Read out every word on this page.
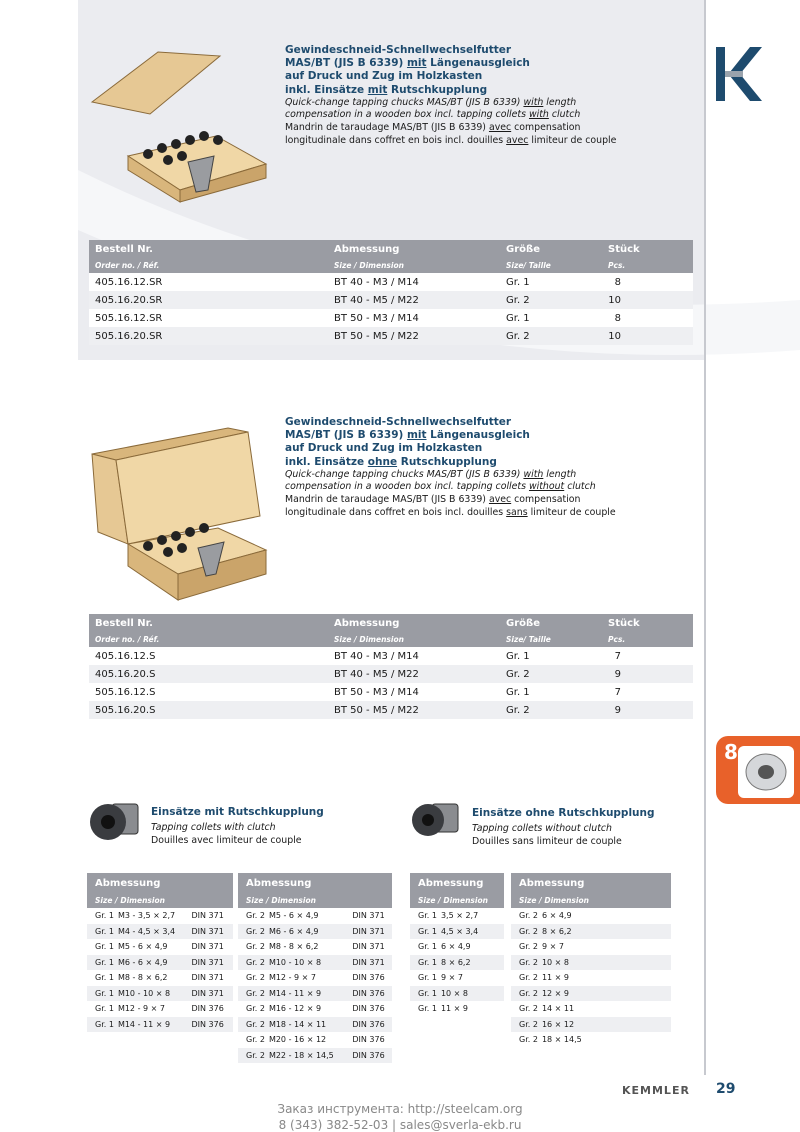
8
Gewindeschneid-Schnellwechselfutter
MAS/BT (JIS B 6339) mit Längenausgleich
auf Druck und Zug im Holzkasten
inkl. Einsätze mit Rutschkupplung
Quick-change tapping chucks MAS/BT (JIS B 6339) with length
compensation in a wooden box incl. tapping collets with clutch
Mandrin de taraudage MAS/BT (JIS B 6339) avec compensation
longitudinale dans coffret en bois incl. douilles avec limiteur de couple
Bestell Nr.	Abmessung	Größe	Stück
Order no. / Réf.	Size / Dimension	Size/ Taille	Pcs.
405.16.12.SR	BT 40 - M3 / M14	Gr. 1	8
405.16.20.SR	BT 40 - M5 / M22	Gr. 2	10
505.16.12.SR	BT 50 - M3 / M14	Gr. 1	8
505.16.20.SR	BT 50 - M5 / M22	Gr. 2	10
Gewindeschneid-Schnellwechselfutter
MAS/BT (JIS B 6339) mit Längenausgleich
auf Druck und Zug im Holzkasten
inkl. Einsätze ohne Rutschkupplung
Quick-change tapping chucks MAS/BT (JIS B 6339) with length
compensation in a wooden box incl. tapping collets without clutch
Mandrin de taraudage MAS/BT (JIS B 6339) avec compensation
longitudinale dans coffret en bois incl. douilles sans limiteur de couple
Bestell Nr.	Abmessung	Größe	Stück
Order no. / Réf.	Size / Dimension	Size/ Taille	Pcs.
405.16.12.S	BT 40 - M3 / M14	Gr. 1	7
405.16.20.S	BT 40 - M5 / M22	Gr. 2	9
505.16.12.S	BT 50 - M3 / M14	Gr. 1	7
505.16.20.S	BT 50 - M5 / M22	Gr. 2	9
Einsätze mit Rutschkupplung
Tapping collets with clutch
Douilles avec limiteur de couple
Einsätze ohne Rutschkupplung
Tapping collets without clutch
Douilles sans limiteur de couple
Abmessung		
Size / Dimension		
Gr. 1	M3 - 3,5 × 2,7	DIN 371
Gr. 1	M4 - 4,5 × 3,4	DIN 371
Gr. 1	M5 - 6 × 4,9	DIN 371
Gr. 1	M6 - 6 × 4,9	DIN 371
Gr. 1	M8 - 8 × 6,2	DIN 371
Gr. 1	M10 - 10 × 8	DIN 371
Gr. 1	M12 - 9 × 7	DIN 376
Gr. 1	M14 - 11 × 9	DIN 376
Abmessung		
Size / Dimension		
Gr. 2	M5 - 6 × 4,9	DIN 371
Gr. 2	M6 - 6 × 4,9	DIN 371
Gr. 2	M8 - 8 × 6,2	DIN 371
Gr. 2	M10 - 10 × 8	DIN 371
Gr. 2	M12 - 9 × 7	DIN 376
Gr. 2	M14 - 11 × 9	DIN 376
Gr. 2	M16 - 12 × 9	DIN 376
Gr. 2	M18 - 14 × 11	DIN 376
Gr. 2	M20 - 16 × 12	DIN 376
Gr. 2	M22 - 18 × 14,5	DIN 376
Abmessung	
Size / Dimension	
Gr. 1	3,5 × 2,7
Gr. 1	4,5 × 3,4
Gr. 1	6 × 4,9
Gr. 1	8 × 6,2
Gr. 1	9 × 7
Gr. 1	10 × 8
Gr. 1	11 × 9
Abmessung	
Size / Dimension	
Gr. 2	6 × 4,9
Gr. 2	8 × 6,2
Gr. 2	9 × 7
Gr. 2	10 × 8
Gr. 2	11 × 9
Gr. 2	12 × 9
Gr. 2	14 × 11
Gr. 2	16 × 12
Gr. 2	18 × 14,5
KEMMLER 29
Заказ инструмента: http://steelcam.org
8 (343) 382-52-03 | sales@sverla-ekb.ru
